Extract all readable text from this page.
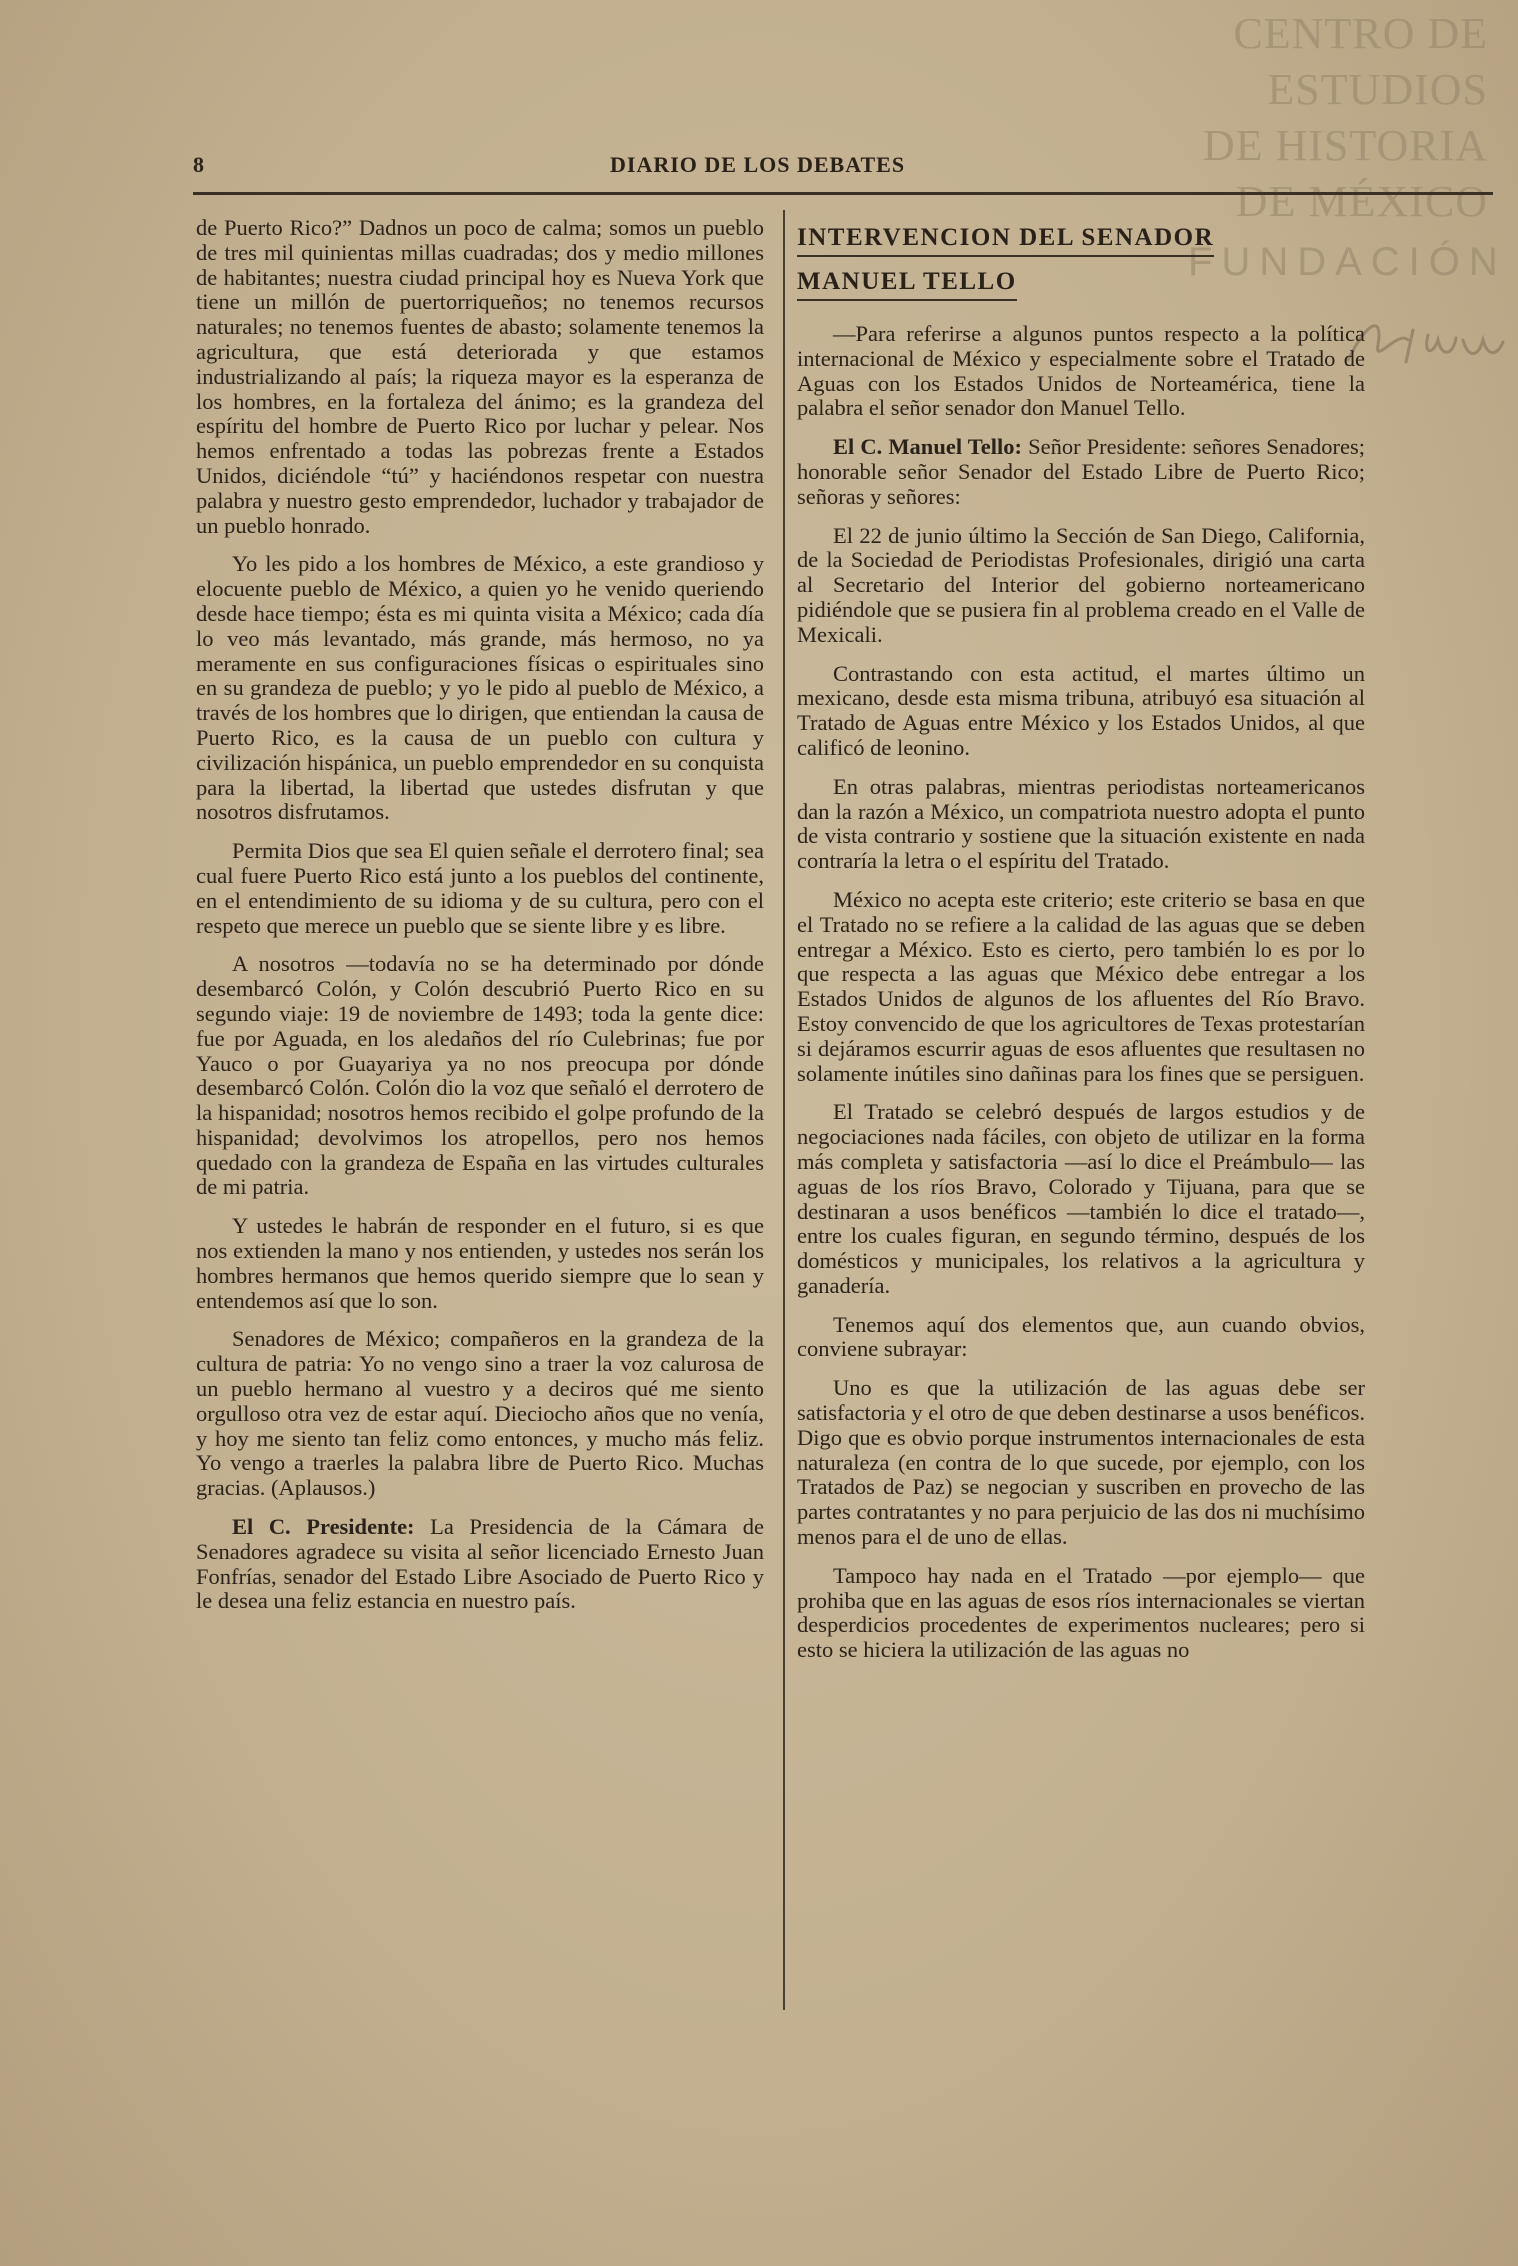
CENTRO DE
ESTUDIOS
DE HISTORIA
DE MÉXICO
FUNDACIÓN
8	DIARIO DE LOS DEBATES

de Puerto Rico?” Dadnos un poco de calma; somos un pueblo de tres mil quinientas millas cuadradas; dos y medio millones de habitantes; nuestra ciudad principal hoy es Nueva York que tiene un millón de puertorriqueños; no tenemos recursos naturales; no tenemos fuentes de abasto; solamente tenemos la agricultura, que está deteriorada y que estamos industrializando al país; la riqueza mayor es la esperanza de los hombres, en la fortaleza del ánimo; es la grandeza del espíritu del hombre de Puerto Rico por luchar y pelear. Nos hemos enfrentado a todas las pobrezas frente a Estados Unidos, diciéndole “tú” y haciéndonos respetar con nuestra palabra y nuestro gesto emprendedor, luchador y trabajador de un pueblo honrado.

Yo les pido a los hombres de México, a este grandioso y elocuente pueblo de México, a quien yo he venido queriendo desde hace tiempo; ésta es mi quinta visita a México; cada día lo veo más levantado, más grande, más hermoso, no ya meramente en sus configuraciones físicas o espirituales sino en su grandeza de pueblo; y yo le pido al pueblo de México, a través de los hombres que lo dirigen, que entiendan la causa de Puerto Rico, es la causa de un pueblo con cultura y civilización hispánica, un pueblo emprendedor en su conquista para la libertad, la libertad que ustedes disfrutan y que nosotros disfrutamos.

Permita Dios que sea El quien señale el derrotero final; sea cual fuere Puerto Rico está junto a los pueblos del continente, en el entendimiento de su idioma y de su cultura, pero con el respeto que merece un pueblo que se siente libre y es libre.

A nosotros —todavía no se ha determinado por dónde desembarcó Colón, y Colón descubrió Puerto Rico en su segundo viaje: 19 de noviembre de 1493; toda la gente dice: fue por Aguada, en los aledaños del río Culebrinas; fue por Yauco o por Guayariya ya no nos preocupa por dónde desembarcó Colón. Colón dio la voz que señaló el derrotero de la hispanidad; nosotros hemos recibido el golpe profundo de la hispanidad; devolvimos los atropellos, pero nos hemos quedado con la grandeza de España en las virtudes culturales de mi patria.

Y ustedes le habrán de responder en el futuro, si es que nos extienden la mano y nos entienden, y ustedes nos serán los hombres hermanos que hemos querido siempre que lo sean y entendemos así que lo son.

Senadores de México; compañeros en la grandeza de la cultura de patria: Yo no vengo sino a traer la voz calurosa de un pueblo hermano al vuestro y a deciros qué me siento orgulloso otra vez de estar aquí. Dieciocho años que no venía, y hoy me siento tan feliz como entonces, y mucho más feliz. Yo vengo a traerles la palabra libre de Puerto Rico. Muchas gracias. (Aplausos.)

El C. Presidente: La Presidencia de la Cámara de Senadores agradece su visita al señor licenciado Ernesto Juan Fonfrías, senador del Estado Libre Asociado de Puerto Rico y le desea una feliz estancia en nuestro país.

INTERVENCION DEL SENADOR
MANUEL TELLO

—Para referirse a algunos puntos respecto a la política internacional de México y especialmente sobre el Tratado de Aguas con los Estados Unidos de Norteamérica, tiene la palabra el señor senador don Manuel Tello.

El C. Manuel Tello: Señor Presidente: señores Senadores; honorable señor Senador del Estado Libre de Puerto Rico; señoras y señores:

El 22 de junio último la Sección de San Diego, California, de la Sociedad de Periodistas Profesionales, dirigió una carta al Secretario del Interior del gobierno norteamericano pidiéndole que se pusiera fin al problema creado en el Valle de Mexicali.

Contrastando con esta actitud, el martes último un mexicano, desde esta misma tribuna, atribuyó esa situación al Tratado de Aguas entre México y los Estados Unidos, al que calificó de leonino.

En otras palabras, mientras periodistas norteamericanos dan la razón a México, un compatriota nuestro adopta el punto de vista contrario y sostiene que la situación existente en nada contraría la letra o el espíritu del Tratado.

México no acepta este criterio; este criterio se basa en que el Tratado no se refiere a la calidad de las aguas que se deben entregar a México. Esto es cierto, pero también lo es por lo que respecta a las aguas que México debe entregar a los Estados Unidos de algunos de los afluentes del Río Bravo. Estoy convencido de que los agricultores de Texas protestarían si dejáramos escurrir aguas de esos afluentes que resultasen no solamente inútiles sino dañinas para los fines que se persiguen.

El Tratado se celebró después de largos estudios y de negociaciones nada fáciles, con objeto de utilizar en la forma más completa y satisfactoria —así lo dice el Preámbulo— las aguas de los ríos Bravo, Colorado y Tijuana, para que se destinaran a usos benéficos —también lo dice el tratado—, entre los cuales figuran, en segundo término, después de los domésticos y municipales, los relativos a la agricultura y ganadería.

Tenemos aquí dos elementos que, aun cuando obvios, conviene subrayar:

Uno es que la utilización de las aguas debe ser satisfactoria y el otro de que deben destinarse a usos benéficos. Digo que es obvio porque instrumentos internacionales de esta naturaleza (en contra de lo que sucede, por ejemplo, con los Tratados de Paz) se negocian y suscriben en provecho de las partes contratantes y no para perjuicio de las dos ni muchísimo menos para el de uno de ellas.

Tampoco hay nada en el Tratado —por ejemplo— que prohiba que en las aguas de esos ríos internacionales se viertan desperdicios procedentes de experimentos nucleares; pero si esto se hiciera la utilización de las aguas no
